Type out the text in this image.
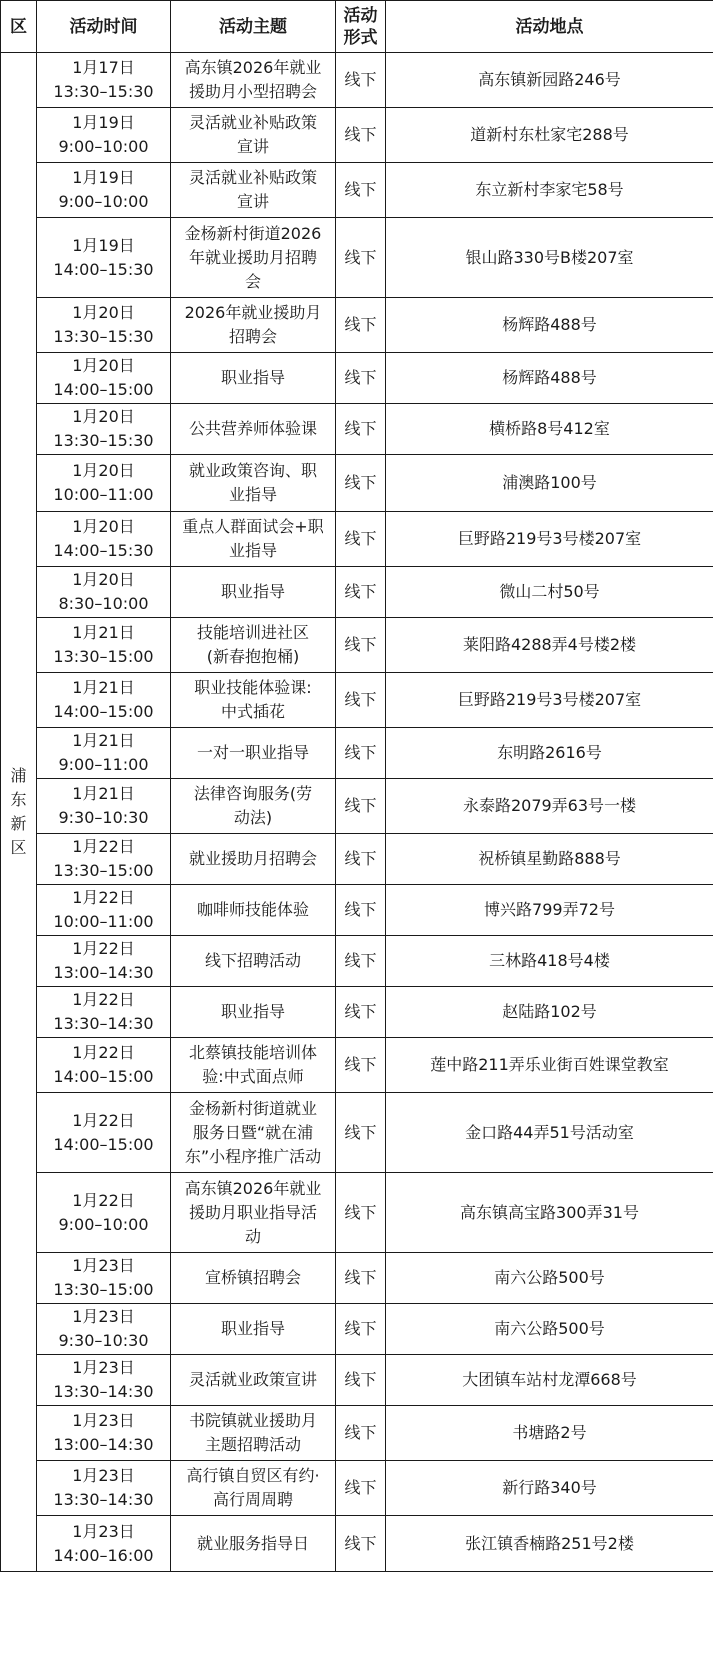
区	活动时间	活动主题	活动
形式	活动地点
浦
东
新
区	1月17日
13:30–15:30	高东镇2026年就业
援助月小型招聘会	线下	高东镇新园路246号
	1月19日
9:00–10:00	灵活就业补贴政策
宣讲	线下	道新村东杜家宅288号
	1月19日
9:00–10:00	灵活就业补贴政策
宣讲	线下	东立新村李家宅58号
	1月19日
14:00–15:30	金杨新村街道2026
年就业援助月招聘
会	线下	银山路330号B楼207室
	1月20日
13:30–15:30	2026年就业援助月
招聘会	线下	杨辉路488号
	1月20日
14:00–15:00	职业指导	线下	杨辉路488号
	1月20日
13:30–15:30	公共营养师体验课	线下	横桥路8号412室
	1月20日
10:00–11:00	就业政策咨询、职
业指导	线下	浦澳路100号
	1月20日
14:00–15:30	重点人群面试会+职
业指导	线下	巨野路219号3号楼207室
	1月20日
8:30–10:00	职业指导	线下	微山二村50号
	1月21日
13:30–15:00	技能培训进社区
(新春抱抱桶)	线下	莱阳路4288弄4号楼2楼
	1月21日
14:00–15:00	职业技能体验课:
中式插花	线下	巨野路219号3号楼207室
	1月21日
9:00–11:00	一对一职业指导	线下	东明路2616号
	1月21日
9:30–10:30	法律咨询服务(劳
动法)	线下	永泰路2079弄63号一楼
	1月22日
13:30–15:00	就业援助月招聘会	线下	祝桥镇星勤路888号
	1月22日
10:00–11:00	咖啡师技能体验	线下	博兴路799弄72号
	1月22日
13:00–14:30	线下招聘活动	线下	三林路418号4楼
	1月22日
13:30–14:30	职业指导	线下	赵陆路102号
	1月22日
14:00–15:00	北蔡镇技能培训体
验:中式面点师	线下	莲中路211弄乐业街百姓课堂教室
	1月22日
14:00–15:00	金杨新村街道就业
服务日暨“就在浦
东”小程序推广活动	线下	金口路44弄51号活动室
	1月22日
9:00–10:00	高东镇2026年就业
援助月职业指导活
动	线下	高东镇高宝路300弄31号
	1月23日
13:30–15:00	宣桥镇招聘会	线下	南六公路500号
	1月23日
9:30–10:30	职业指导	线下	南六公路500号
	1月23日
13:30–14:30	灵活就业政策宣讲	线下	大团镇车站村龙潭668号
	1月23日
13:00–14:30	书院镇就业援助月
主题招聘活动	线下	书塘路2号
	1月23日
13:30–14:30	高行镇自贸区有约·
高行周周聘	线下	新行路340号
	1月23日
14:00–16:00	就业服务指导日	线下	张江镇香楠路251号2楼
